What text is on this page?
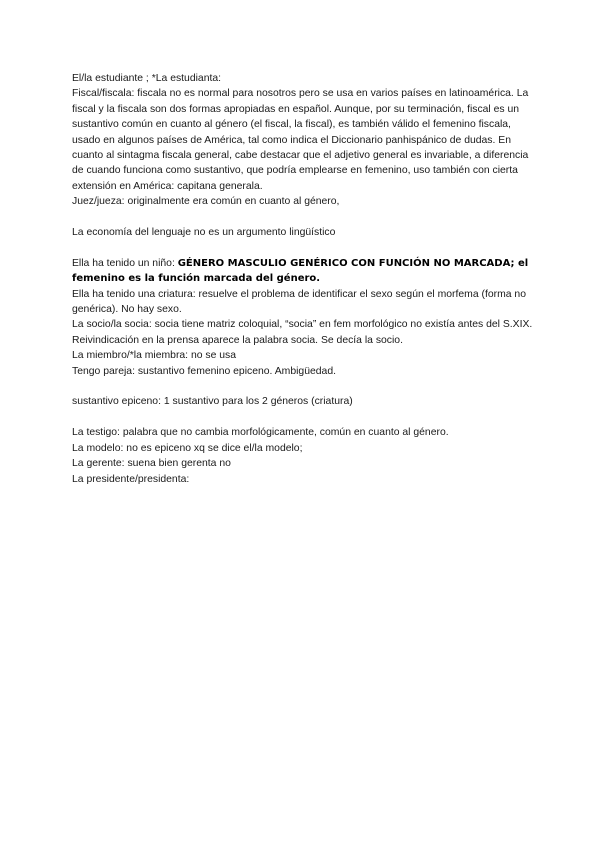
El/la estudiante ; *La estudianta:

Fiscal/fiscala: fiscala no es normal para nosotros pero se usa en varios países en latinoamérica. La fiscal y la fiscala son dos formas apropiadas en español. Aunque, por su terminación, fiscal es un sustantivo común en cuanto al género (el fiscal, la fiscal), es también válido el femenino fiscala, usado en algunos países de América, tal como indica el Diccionario panhispánico de dudas. En cuanto al sintagma fiscala general, cabe destacar que el adjetivo general es invariable, a diferencia de cuando funciona como sustantivo, que podría emplearse en femenino, uso también con cierta extensión en América: capitana generala.

Juez/jueza: originalmente era común en cuanto al género,

La economía del lenguaje no es un argumento lingüístico

Ella ha tenido un niño: GÉNERO MASCULIO GENÉRICO CON FUNCIÓN NO MARCADA; el femenino es la función marcada del género.

Ella ha tenido una criatura: resuelve el problema de identificar el sexo según el morfema (forma no genérica). No hay sexo.

La socio/la socia: socia tiene matriz coloquial, “socia” en fem morfológico no existía antes del S.XIX. Reivindicación en la prensa aparece la palabra socia. Se decía la socio.

La miembro/*la miembra: no se usa

Tengo pareja: sustantivo femenino epiceno. Ambigüedad.

sustantivo epiceno: 1 sustantivo para los 2 géneros (criatura)

La testigo: palabra que no cambia morfológicamente, común en cuanto al género.

La modelo: no es epiceno xq se dice el/la modelo;

La gerente: suena bien gerenta no

La presidente/presidenta:
